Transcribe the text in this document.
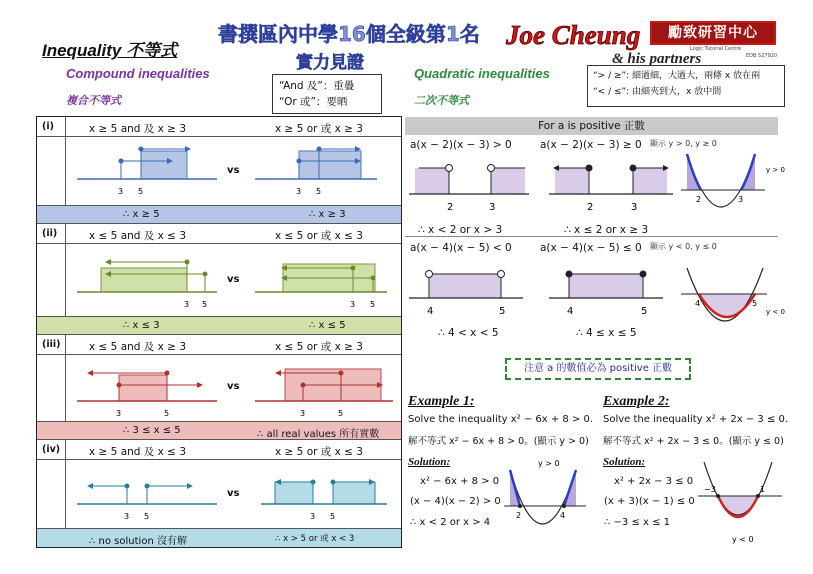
Inequality 不等式
書撰區內中學16個全級第1名
實力見證
Joe Cheung	勵致研習中心
Logic Tutorial Centre
EDB 527920
& his partners
Compound inequalities
複合不等式
“And 及”：重疊
“Or 或”：要晒
Quadratic inequalities
二次不等式
“> / ≥”: 細過細，大過大，兩條 x 放在兩
“< / ≤”: 由細夾到大，x 放中間
(i)	x ≥ 5 and 及 x ≥ 3	x ≥ 5 or 或 x ≥ 3
3 5	3 5
vs
∴ x ≥ 5	∴ x ≥ 3
(ii)	x ≤ 5 and 及 x ≤ 3	x ≤ 5 or 或 x ≤ 3
3 5	3 5
vs
∴ x ≤ 3	∴ x ≤ 5
(iii)	x ≤ 5 and 及 x ≥ 3	x ≤ 5 or 或 x ≥ 3
3	5	3	5
vs
∴ 3 ≤ x ≤ 5	∴ all real values 所有實數
(iv)	x ≥ 5 and 及 x ≤ 3	x ≥ 5 or 或 x ≤ 3
3 5	3 5
vs
∴ no solution 沒有解	∴ x > 5 or 或 x < 3
For a is positive 正數
a(x − 2)(x − 3) > 0	a(x − 2)(x − 3) ≥ 0 顯示 y > 0, y ≥ 0
2	3	2	3
2	3
y > 0
∴ x < 2 or x > 3	∴ x ≤ 2 or x ≥ 3
a(x − 4)(x − 5) < 0	a(x − 4)(x − 5) ≤ 0 顯示 y < 0, y ≤ 0
4	5	4	5
4	5
y < 0
∴ 4 < x < 5	∴ 4 ≤ x ≤ 5
注意 a 的數值必為 positive 正數
Example 1:
Solve the inequality x² − 6x + 8 > 0.
解不等式 x² − 6x + 8 > 0。(顯示 y > 0)
Solution:
x² − 6x + 8 > 0
(x − 4)(x − 2) > 0
∴ x < 2 or x > 4
2	4
y > 0
Example 2:
Solve the inequality x² + 2x − 3 ≤ 0.
解不等式 x² + 2x − 3 ≤ 0。(顯示 y ≤ 0)
Solution:
x² + 2x − 3 ≤ 0
(x + 3)(x − 1) ≤ 0
∴ −3 ≤ x ≤ 1
−3	1
y < 0
